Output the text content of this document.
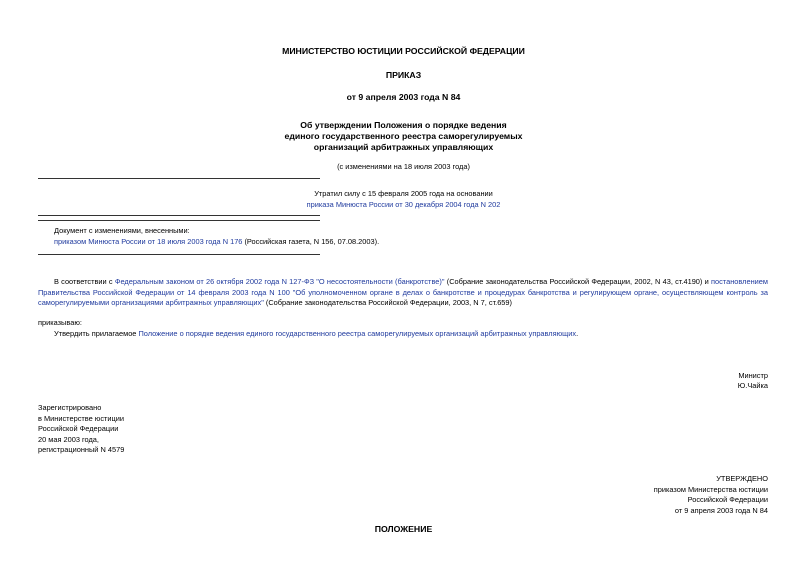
МИНИСТЕРСТВО ЮСТИЦИИ РОССИЙСКОЙ ФЕДЕРАЦИИ
ПРИКАЗ
от 9 апреля 2003 года N 84
Об утверждении Положения о порядке ведения
единого государственного реестра саморегулируемых
организаций арбитражных управляющих
(с изменениями на 18 июля 2003 года)
Утратил силу с 15 февраля 2005 года на основании
приказа Минюста России от 30 декабря 2004 года N 202
Документ с изменениями, внесенными:
приказом Минюста России от 18 июля 2003 года N 176 (Российская газета, N 156, 07.08.2003).
В соответствии с Федеральным законом от 26 октября 2002 года N 127-ФЗ "О несостоятельности (банкротстве)" (Собрание законодательства Российской Федерации, 2002, N 43, ст.4190) и постановлением Правительства Российской Федерации от 14 февраля 2003 года N 100 "Об уполномоченном органе в делах о банкротстве и процедурах банкротства и регулирующем органе, осуществляющем контроль за саморегулируемыми организациями арбитражных управляющих" (Собрание законодательства Российской Федерации, 2003, N 7, ст.659)
приказываю:
Утвердить прилагаемое Положение о порядке ведения единого государственного реестра саморегулируемых организаций арбитражных управляющих.
Министр
Ю.Чайка
Зарегистрировано
в Министерстве юстиции
Российской Федерации
20 мая 2003 года,
регистрационный N 4579
УТВЕРЖДЕНО
приказом Министерства юстиции
Российской Федерации
от 9 апреля 2003 года N 84
ПОЛОЖЕНИЕ
